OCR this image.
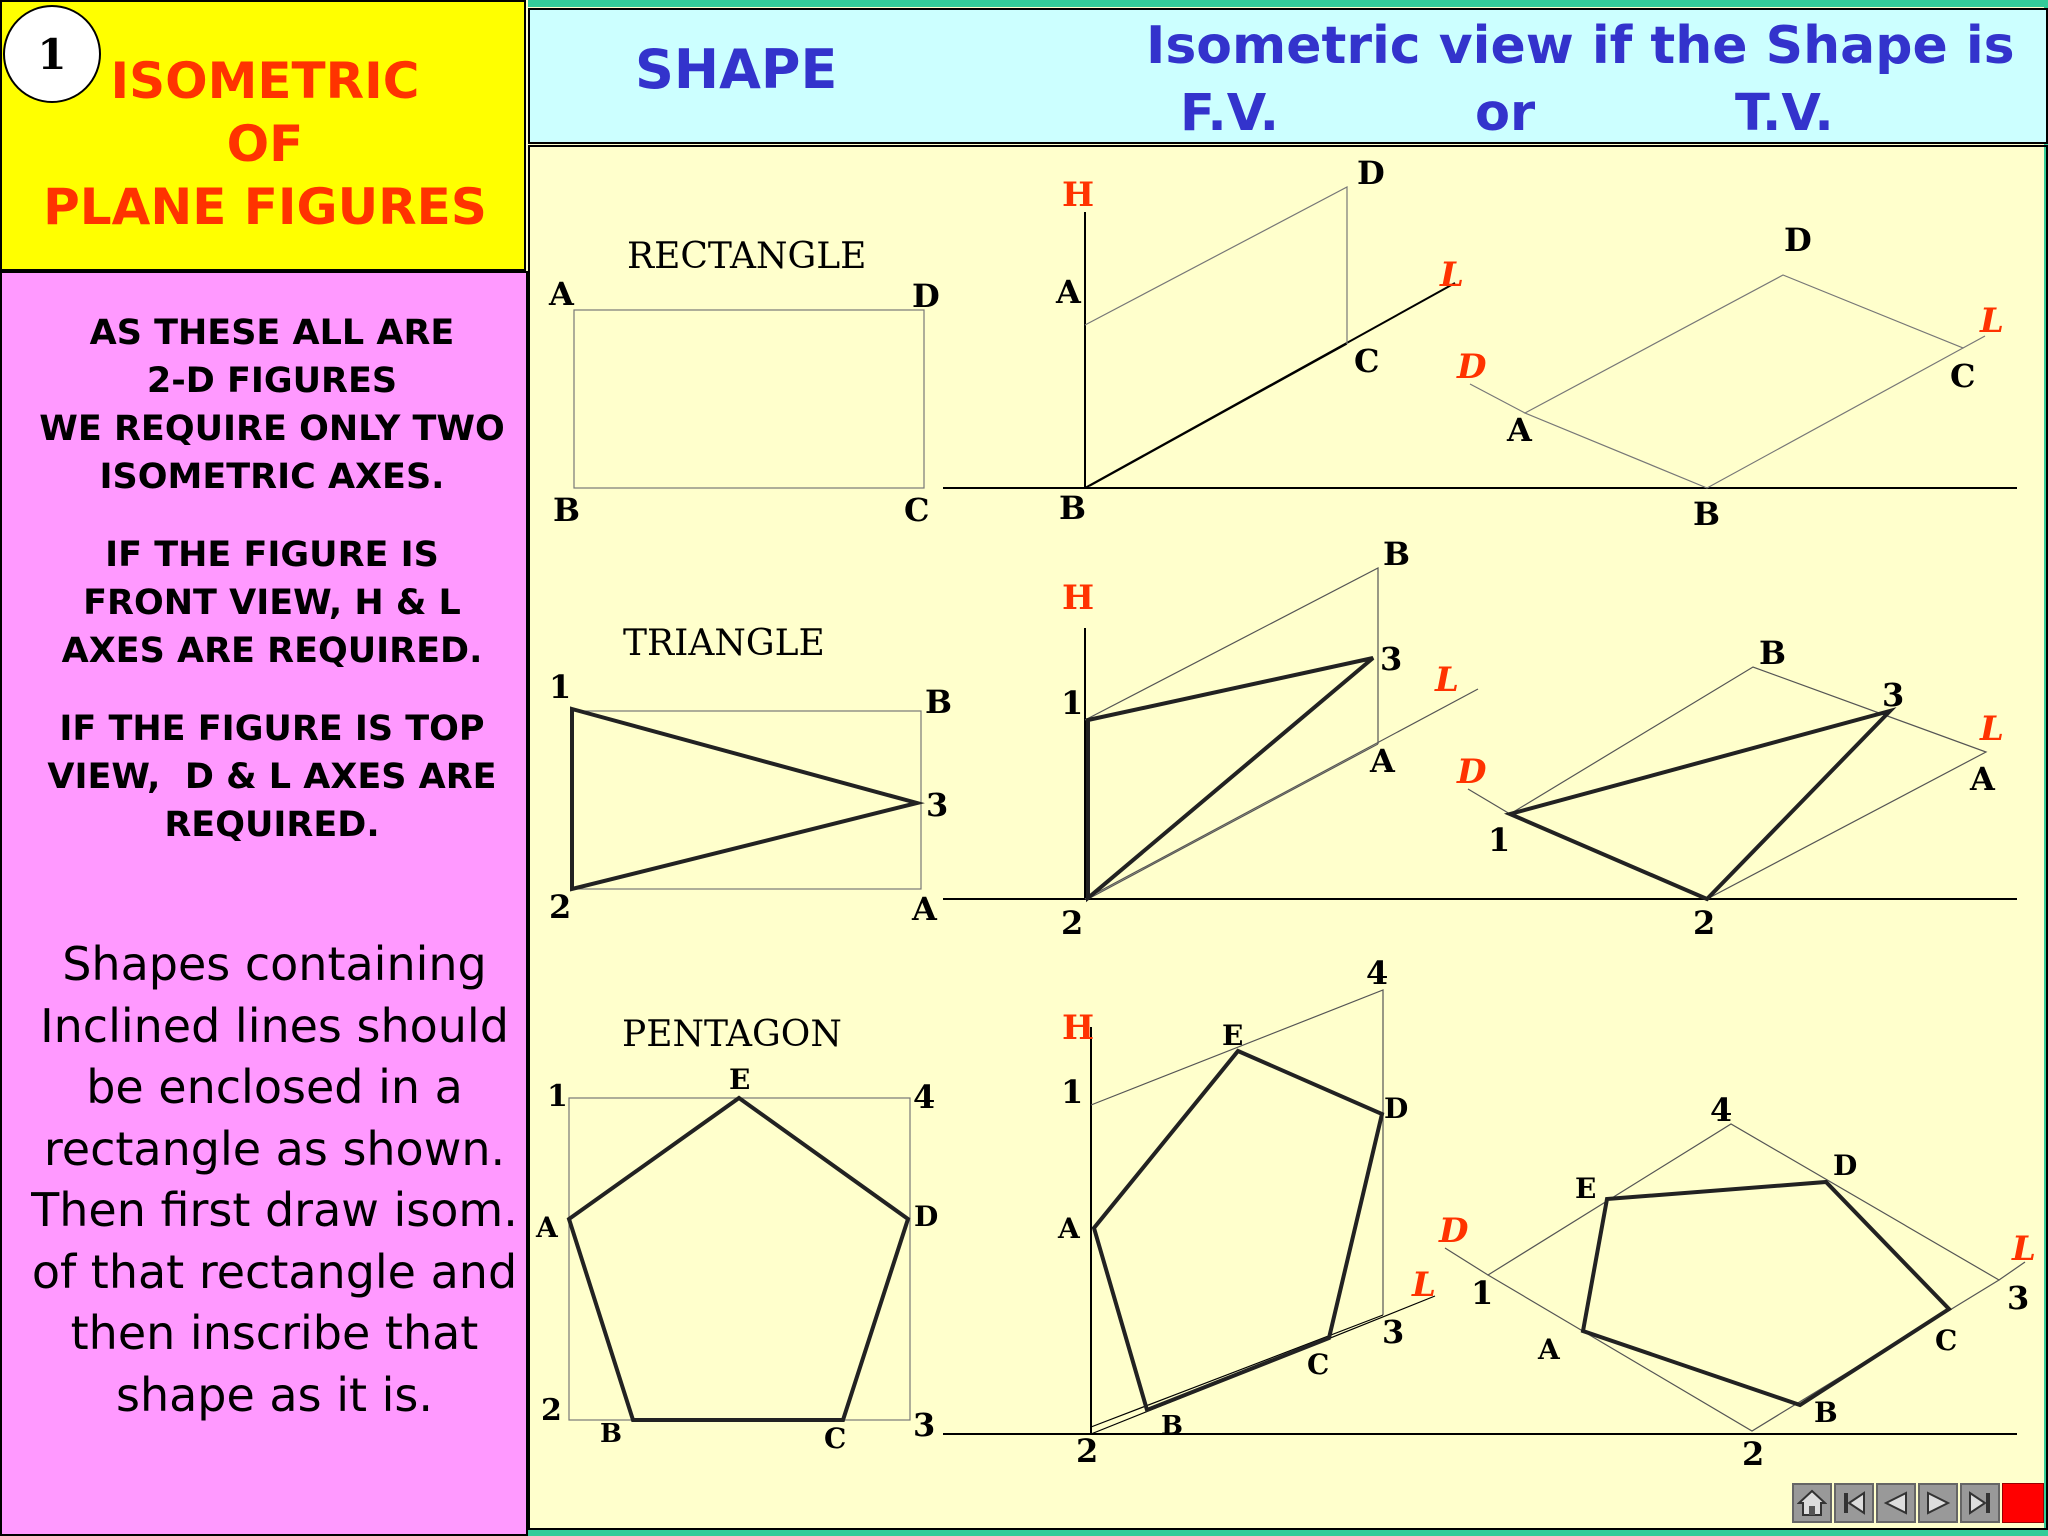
ISOMETRIC
OF
PLANE FIGURES
1
AS THESE ALL ARE
2-D FIGURES
WE REQUIRE ONLY TWO
ISOMETRIC AXES.
IF THE FIGURE IS
FRONT VIEW, H & L
AXES ARE REQUIRED.
IF THE FIGURE IS TOP
VIEW,  D & L AXES ARE
REQUIRED.
Shapes containing
Inclined lines should
be enclosed in a
rectangle as shown.
Then first draw isom.
of that rectangle and
then inscribe that
shape as it is.
SHAPE	Isometric view if the Shape is
F.V.	or	T.V.
RECTANGLE
A	D
B	C
H
A
D
L
C
B
D
L
C
D
A
B
TRIANGLE
1	B
3
2	A
H
B
3
L
1
A
2
B
3
L
A
D
1
2
PENTAGON
1	E	4
A	D
2
B	C 3
H
4
E
1	D
A
L
3
C
B
2
4
D
E
D	L
1	3
A	C
B
2
